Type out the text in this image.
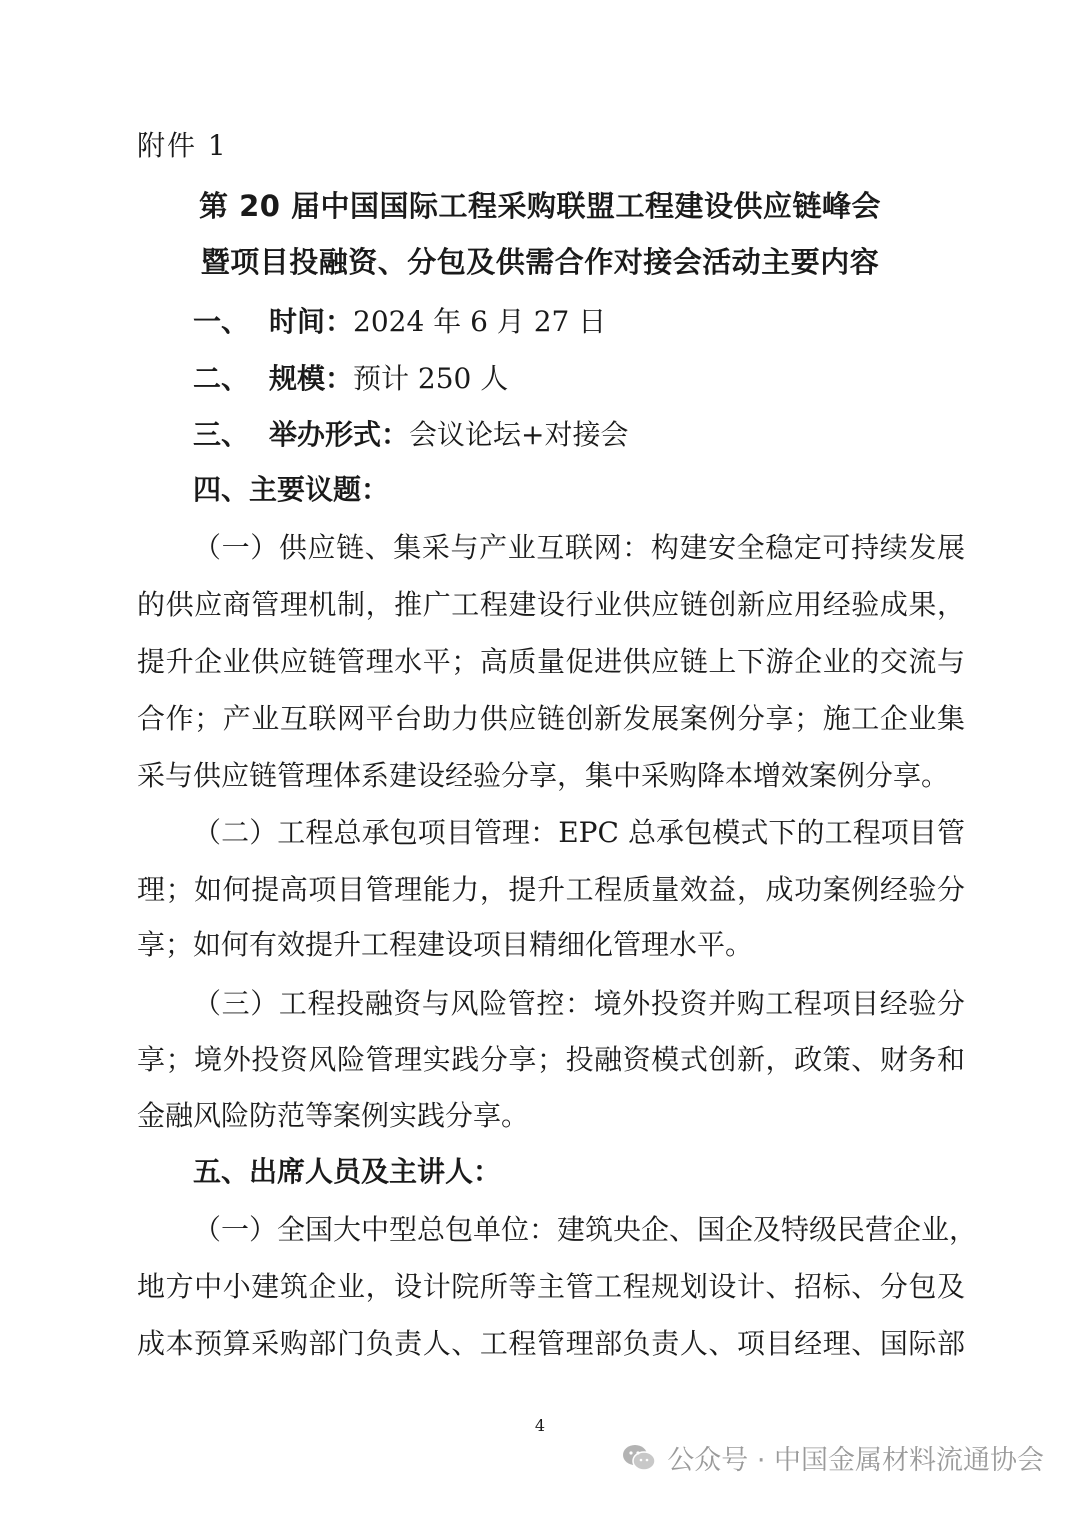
附件 1
第 20 届中国国际工程采购联盟工程建设供应链峰会
暨项目投融资、分包及供需合作对接会活动主要内容
一、 时间：2024 年 6 月 27 日
二、 规模：预计 250 人
三、 举办形式：会议论坛+对接会
四、主要议题：
（一）供应链、集采与产业互联网：构建安全稳定可持续发展
的供应商管理机制，推广工程建设行业供应链创新应用经验成果，
提升企业供应链管理水平；高质量促进供应链上下游企业的交流与
合作；产业互联网平台助力供应链创新发展案例分享；施工企业集
采与供应链管理体系建设经验分享，集中采购降本增效案例分享。
（二）工程总承包项目管理：EPC 总承包模式下的工程项目管
理；如何提高项目管理能力，提升工程质量效益，成功案例经验分
享；如何有效提升工程建设项目精细化管理水平。
（三）工程投融资与风险管控：境外投资并购工程项目经验分
享；境外投资风险管理实践分享；投融资模式创新，政策、财务和
金融风险防范等案例实践分享。
五、出席人员及主讲人：
（一）全国大中型总包单位：建筑央企、国企及特级民营企业，
地方中小建筑企业，设计院所等主管工程规划设计、招标、分包及
成本预算采购部门负责人、工程管理部负责人、项目经理、国际部
4
公众号 · 中国金属材料流通协会
